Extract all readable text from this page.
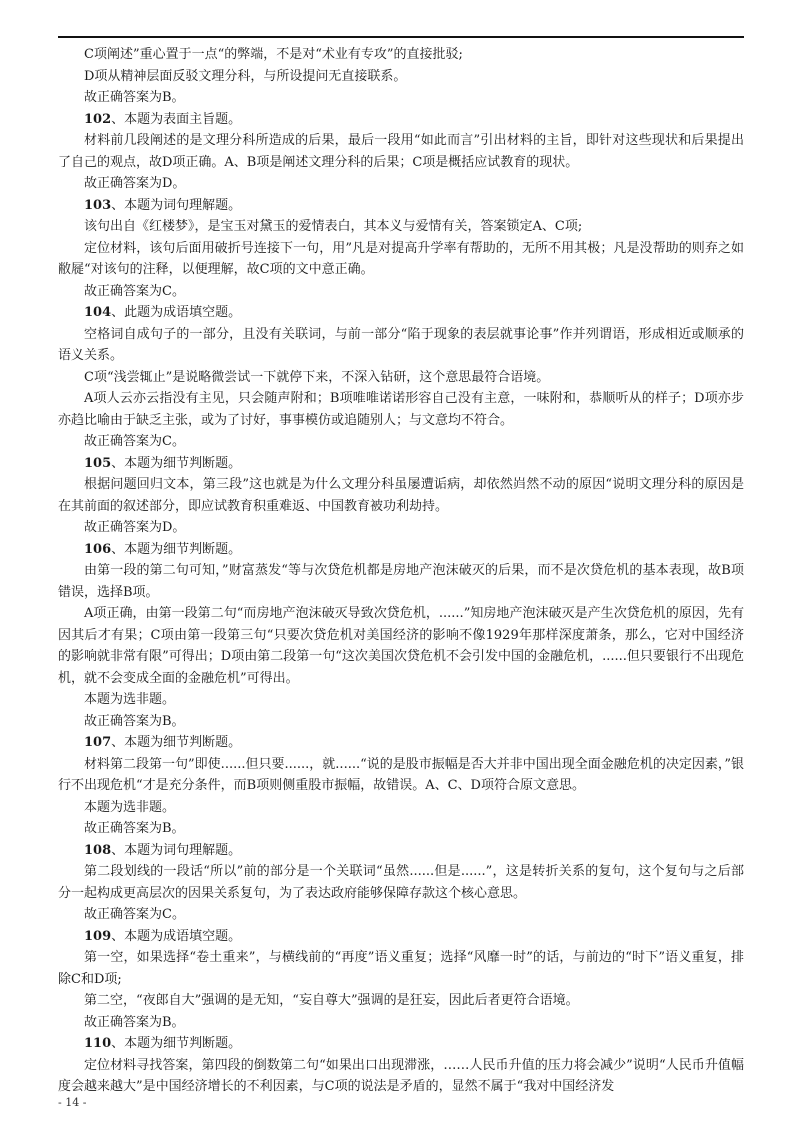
C项阐述”重心置于一点“的弊端，不是对“术业有专攻”的直接批驳;

D项从精神层面反驳文理分科，与所设提问无直接联系。

故正确答案为B。

102、本题为表面主旨题。

材料前几段阐述的是文理分科所造成的后果，最后一段用“如此而言”引出材料的主旨，即针对这些现状和后果提出了自己的观点，故D项正确。A、B项是阐述文理分科的后果；C项是概括应试教育的现状。

故正确答案为D。

103、本题为词句理解题。

该句出自《红楼梦》，是宝玉对黛玉的爱情表白，其本义与爱情有关，答案锁定A、C项;

定位材料，该句后面用破折号连接下一句，用”凡是对提高升学率有帮助的，无所不用其极；凡是没帮助的则弃之如敝屣“对该句的注释，以便理解，故C项的文中意正确。

故正确答案为C。

104、此题为成语填空题。

空格词自成句子的一部分，且没有关联词，与前一部分“陷于现象的表层就事论事”作并列谓语，形成相近或顺承的语义关系。

C项“浅尝辄止”是说略微尝试一下就停下来，不深入钻研，这个意思最符合语境。

A项人云亦云指没有主见，只会随声附和；B项唯唯诺诺形容自己没有主意，一味附和，恭顺听从的样子；D项亦步亦趋比喻由于缺乏主张，或为了讨好，事事模仿或追随别人；与文意均不符合。

故正确答案为C。

105、本题为细节判断题。

根据问题回归文本，第三段”这也就是为什么文理分科虽屡遭诟病，却依然岿然不动的原因“说明文理分科的原因是在其前面的叙述部分，即应试教育积重难返、中国教育被功利劫持。

故正确答案为D。

106、本题为细节判断题。

由第一段的第二句可知，”财富蒸发“等与次贷危机都是房地产泡沫破灭的后果，而不是次贷危机的基本表现，故B项错误，选择B项。

A项正确，由第一段第二句“而房地产泡沫破灭导致次贷危机，......”知房地产泡沫破灭是产生次贷危机的原因，先有因其后才有果；C项由第一段第三句“只要次贷危机对美国经济的影响不像1929年那样深度萧条，那么，它对中国经济的影响就非常有限”可得出；D项由第二段第一句“这次美国次贷危机不会引发中国的金融危机，......但只要银行不出现危机，就不会变成全面的金融危机”可得出。

本题为选非题。

故正确答案为B。

107、本题为细节判断题。

材料第二段第一句”即使......但只要......，就......“说的是股市振幅是否大并非中国出现全面金融危机的决定因素，”银行不出现危机“才是充分条件，而B项则侧重股市振幅，故错误。A、C、D项符合原文意思。

本题为选非题。

故正确答案为B。

108、本题为词句理解题。

第二段划线的一段话“所以”前的部分是一个关联词“虽然......但是......”，这是转折关系的复句，这个复句与之后部分一起构成更高层次的因果关系复句，为了表达政府能够保障存款这个核心意思。

故正确答案为C。

109、本题为成语填空题。

第一空，如果选择“卷土重来”，与横线前的“再度”语义重复；选择“风靡一时”的话，与前边的“时下”语义重复，排除C和D项;

第二空，“夜郎自大”强调的是无知，“妄自尊大”强调的是狂妄，因此后者更符合语境。

故正确答案为B。

110、本题为细节判断题。

定位材料寻找答案，第四段的倒数第二句“如果出口出现滞涨，……人民币升值的压力将会减少”说明“人民币升值幅度会越来越大”是中国经济增长的不利因素，与C项的说法是矛盾的，显然不属于“我对中国经济发

- 14 -
